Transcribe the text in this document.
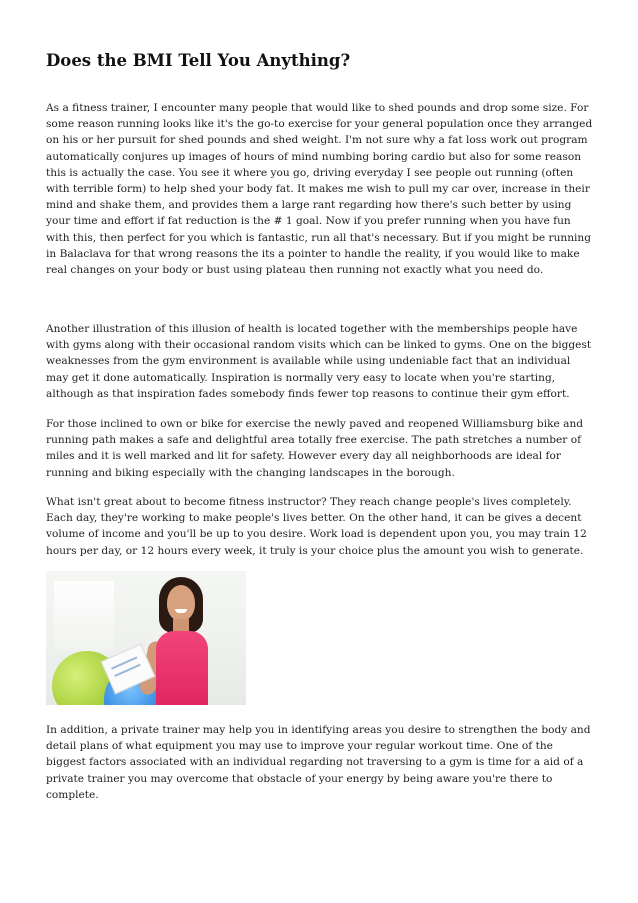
Does the BMI Tell You Anything?

As a fitness trainer, I encounter many people that would like to shed pounds and drop some size. For some reason running looks like it's the go-to exercise for your general population once they arranged on his or her pursuit for shed pounds and shed weight. I'm not sure why a fat loss work out program automatically conjures up images of hours of mind numbing boring cardio but also for some reason this is actually the case. You see it where you go, driving everyday I see people out running (often with terrible form) to help shed your body fat. It makes me wish to pull my car over, increase in their mind and shake them, and provides them a large rant regarding how there's such better by using your time and effort if fat reduction is the # 1 goal. Now if you prefer running when you have fun with this, then perfect for you which is fantastic, run all that's necessary. But if you might be running in Balaclava for that wrong reasons the its a pointer to handle the reality, if you would like to make real changes on your body or bust using plateau then running not exactly what you need do.

Another illustration of this illusion of health is located together with the memberships people have with gyms along with their occasional random visits which can be linked to gyms. One on the biggest weaknesses from the gym environment is available while using undeniable fact that an individual may get it done automatically. Inspiration is normally very easy to locate when you're starting, although as that inspiration fades somebody finds fewer top reasons to continue their gym effort.

For those inclined to own or bike for exercise the newly paved and reopened Williamsburg bike and running path makes a safe and delightful area totally free exercise. The path stretches a number of miles and it is well marked and lit for safety. However every day all neighborhoods are ideal for running and biking especially with the changing landscapes in the borough.

What isn't great about to become fitness instructor? They reach change people's lives completely. Each day, they're working to make people's lives better. On the other hand, it can be gives a decent volume of income and you'll be up to you desire. Work load is dependent upon you, you may train 12 hours per day, or 12 hours every week, it truly is your choice plus the amount you wish to generate.

In addition, a private trainer may help you in identifying areas you desire to strengthen the body and detail plans of what equipment you may use to improve your regular workout time. One of the biggest factors associated with an individual regarding not traversing to a gym is time for a aid of a private trainer you may overcome that obstacle of your energy by being aware you're there to complete.
